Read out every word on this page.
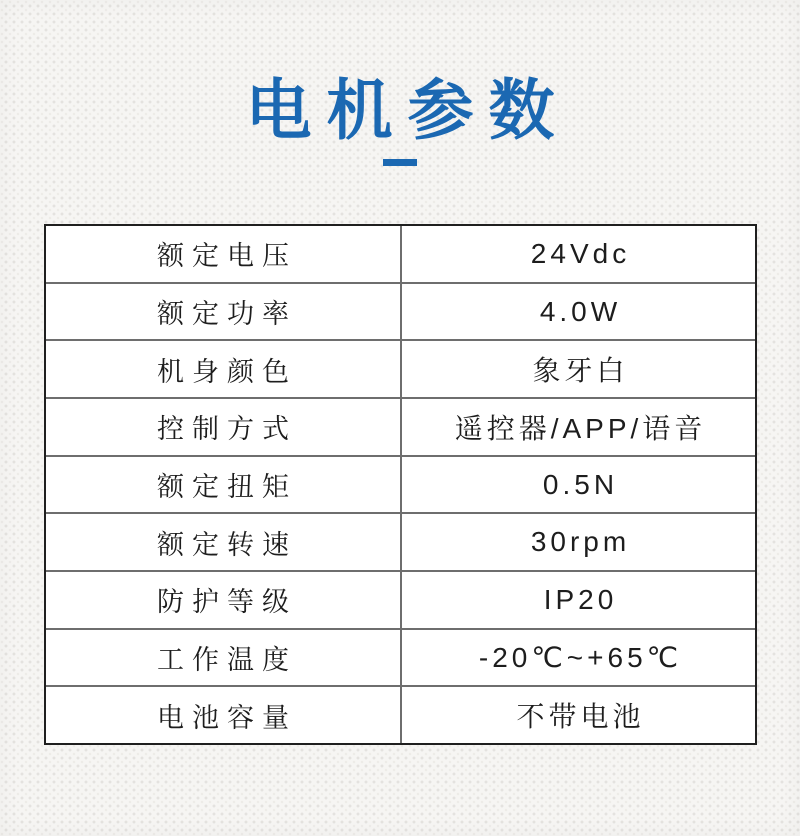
电机参数
额定电压	24Vdc
额定功率	4.0W
机身颜色	象牙白
控制方式	遥控器/APP/语音
额定扭矩	0.5N
额定转速	30rpm
防护等级	IP20
工作温度	-20℃~+65℃
电池容量	不带电池
